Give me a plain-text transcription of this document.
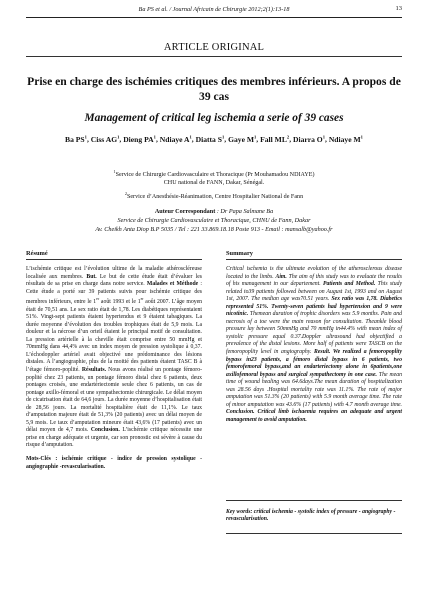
Ba PS et al. / Journal Africain de Chirurgie 2012;2(1):13-18	13
ARTICLE ORIGINAL
Prise en charge des ischémies critiques des membres inférieurs. A propos de 39 cas
Management of critical leg ischemia a serie of 39 cases
Ba $PS^1$, Ciss $AG^1$, Dieng $PA^1$, Ndiaye $A^1$, Diatta $S^1$, Gaye $M^1$, Fall $ML^2$, Diarra $O^1$, Ndiaye $M^1$
$^1$Service de Chirurgie Cardiovasculaire et Thoracique (Pr Mouhamadou NDIAYE)
CHU national de FANN, Dakar, Sénégal.
$^2$Service d’Anesthésie-Réanimation, Centre Hospitalier National de Fann
Auteur Correspondant : Dr Papa Salmane Ba
Service de Chirurgie Cardiovasculaire et Thoracique, CHNU de Fann, Dakar
Av. Cheikh Anta Diop B.P 5035 / Tel : 221 33.869.18.18 Poste 913 - Email : mansalb@yahoo.fr
Résumé

L’ischémie critique est l’évolution ultime de la maladie athéroscléreuse localisée aux membres. But. Le but de cette étude était d’évaluer les résultats de sa prise en charge dans notre service. Malades et Méthode : Cette étude a porté sur 39 patients suivis pour ischémie critique des membres inférieurs, entre le 1er août 1993 et le 1er août 2007. L’âge moyen était de 70,51 ans. Le sex ratio était de 1,78. Les diabétiques représentaient 51%. Vingt-sept patients étaient hypertendus et 9 étaient tabagiques. La durée moyenne d’évolution des troubles trophiques était de 5,9 mois. La douleur et la nécrose d’un orteil étaient le principal motif de consultation. La pression artérielle à la cheville était comprise entre 50 mmHg et 70mmHg dans 44,4% avec un index moyen de pression systolique à 0,37. L’échodoppler artériel avait objectivé une prédominance des lésions distales. A l’angiographie, plus de la moitié des patients étaient TASC B à l’étage fémoro-poplité. Résultats. Nous avons réalisé un pontage fémoro-poplité chez 23 patients, un pontage fémoro distal chez 6 patients, deux pontages croisés, une endartériectomie seule chez 6 patients, un cas de pontage axillo-fémoral et une sympathectomie chirurgicale. Le délai moyen de cicatrisation était de 64,6 jours. La durée moyenne d’hospitalisation était de 28,56 jours. La mortalité hospitalière était de 11,1%. Le taux d’amputation majeure était de 51,3% (20 patients) avec un délai moyen de 5,9 mois. Le taux d’amputation mineure était 43,6% (17 patients) avec un délai moyen de 4,7 mois. Conclusion. L’ischémie critique nécessite une prise en charge adéquate et urgente, car son pronostic est sévère à cause du risque d’amputation.

Mots-Clés : ischémie critique - indice de pression systolique - angiographie -revascularisation.

Summary

Critical ischemia is the ultimate evolution of the atherosclerous disease located to the limbs. Aim. The aim of this study was to evaluate the results of his management in our departement. Patients and Method. This study related to39 patients followed between on August 1st, 1993 and on August 1st, 2007. The median age was70.51 years. Sex ratio was 1,78. Diabetics represented 51%. Twenty-seven patients had hypertension and 9 were nicotinic. Themean duration of trophic disorders was 5.9 months. Pain and necrosis of a toe were the main reason for consultation. Theankle blood pressure lay between 50mmHg and 70 mmHg in44.4% with mean index of systolic pressure equal 0.37.Doppler ultrasound had objectified a prevalence of the distal lesions. More half of patients were TASCB on the femoropoplity level in angiography. Result. We realized a femoropoplity bypass in23 patients, a fémoro distal bypass in 6 patients, two femorofemoral bypass,and an endarteriectomy alone in 6patients,one axillofemoral bypass and surgical sympathectomy in one case. The mean time of wound healing was 64.6days.The mean duration of hospitalization was 28.56 days .Hospital mortality rate was 11.1%. The rate of major amputation was 51.3% (20 patients) with 5.9 month average time. The rate of minor amputation was 43.6% (17 patients) with 4.7 month average time. Conclusion. Critical limb ischaemia requires an adequate and urgent management to avoid amputation.

Key words: critical ischemia - systolic index of pressure - angiography - revascularisation.
